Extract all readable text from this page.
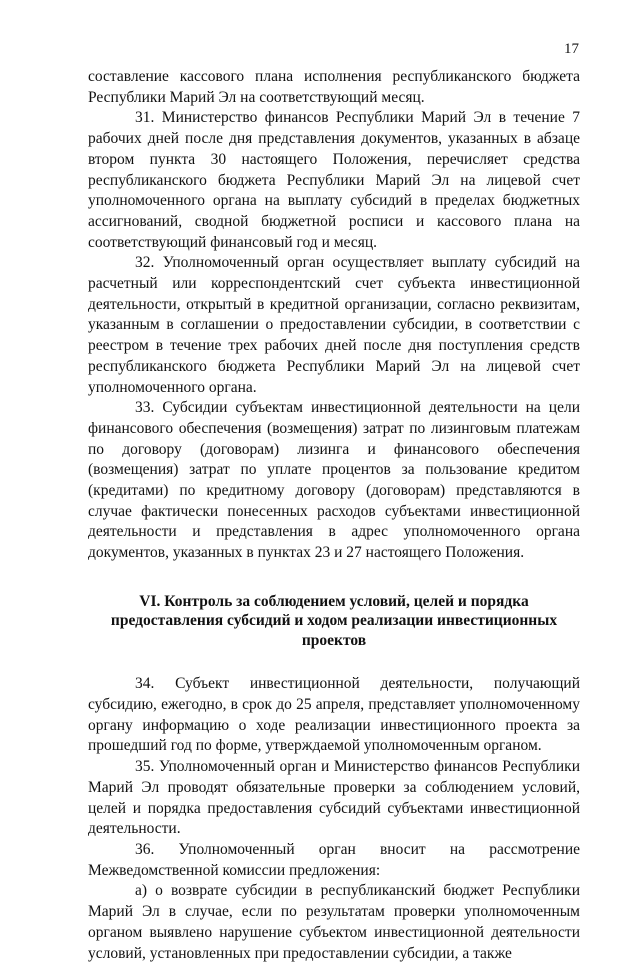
17

составление кассового плана исполнения республиканского бюджета Республики Марий Эл на соответствующий месяц.

31. Министерство финансов Республики Марий Эл в течение 7 рабочих дней после дня представления документов, указанных в абзаце втором пункта 30 настоящего Положения, перечисляет средства республиканского бюджета Республики Марий Эл на лицевой счет уполномоченного органа на выплату субсидий в пределах бюджетных ассигнований, сводной бюджетной росписи и кассового плана на соответствующий финансовый год и месяц.

32. Уполномоченный орган осуществляет выплату субсидий на расчетный или корреспондентский счет субъекта инвестиционной деятельности, открытый в кредитной организации, согласно реквизитам, указанным в соглашении о предоставлении субсидии, в соответствии с реестром в течение трех рабочих дней после дня поступления средств республиканского бюджета Республики Марий Эл на лицевой счет уполномоченного органа.

33. Субсидии субъектам инвестиционной деятельности на цели финансового обеспечения (возмещения) затрат по лизинговым платежам по договору (договорам) лизинга и финансового обеспечения (возмещения) затрат по уплате процентов за пользование кредитом (кредитами) по кредитному договору (договорам) представляются в случае фактически понесенных расходов субъектами инвестиционной деятельности и представления в адрес уполномоченного органа документов, указанных в пунктах 23 и 27 настоящего Положения.

VI. Контроль за соблюдением условий, целей и порядка предоставления субсидий и ходом реализации инвестиционных проектов

34. Субъект инвестиционной деятельности, получающий субсидию, ежегодно, в срок до 25 апреля, представляет уполномоченному органу информацию о ходе реализации инвестиционного проекта за прошедший год по форме, утверждаемой уполномоченным органом.

35. Уполномоченный орган и Министерство финансов Республики Марий Эл проводят обязательные проверки за соблюдением условий, целей и порядка предоставления субсидий субъектами инвестиционной деятельности.

36. Уполномоченный орган вносит на рассмотрение Межведомственной комиссии предложения:

а) о возврате субсидии в республиканский бюджет Республики Марий Эл в случае, если по результатам проверки уполномоченным органом выявлено нарушение субъектом инвестиционной деятельности условий, установленных при предоставлении субсидии, а также
